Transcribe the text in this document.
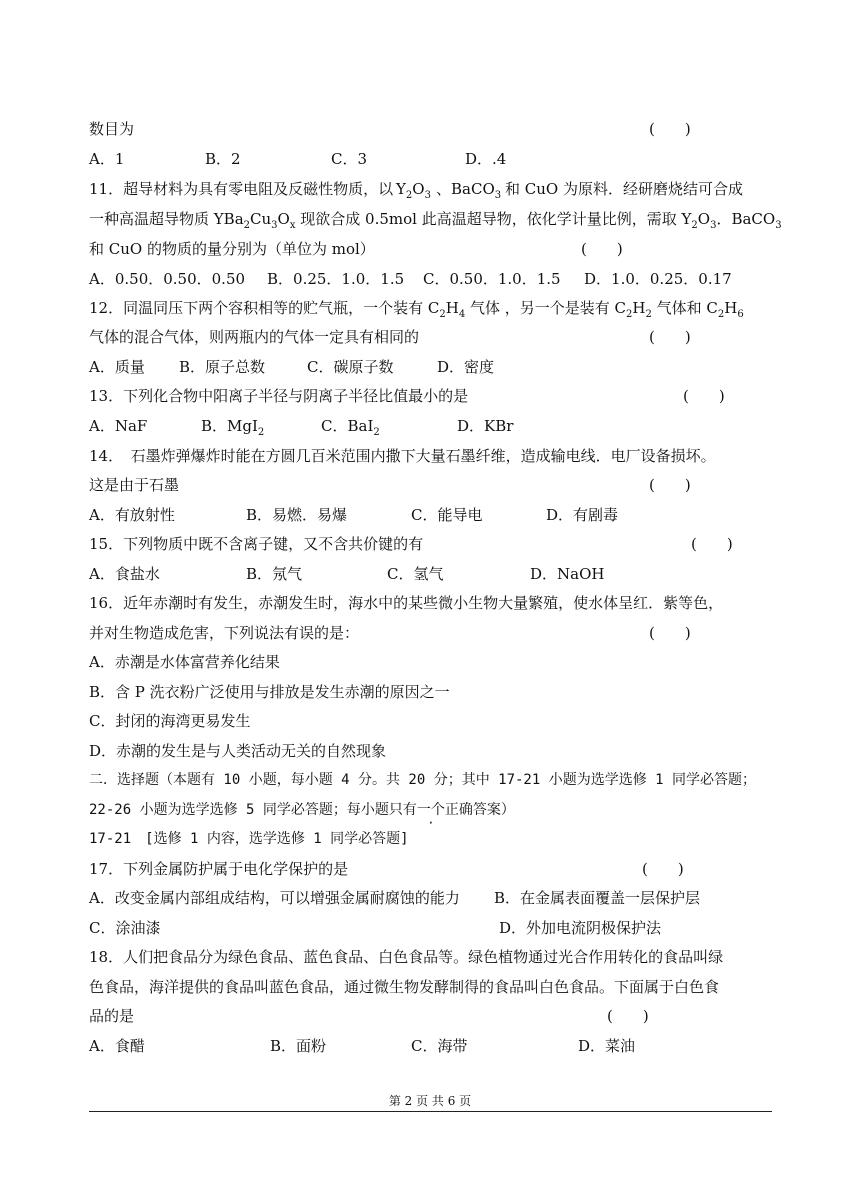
数目为	(　　)
A．1	B．2	C．3	D．.4
11．超导材料为具有零电阻及反磁性物质，以 $Y_2O_3$ 、 BaCO$_3$ 和 CuO 为原料．经研磨烧结可合成
一种高温超导物质 $YBa_2Cu_3O_x$ 现欲合成 0.5mol 此高温超导物，依化学计量比例，需取 $Y_2O_3$．BaCO$_3$
和 CuO 的物质的量分别为（单位为 mol）	(　　)
A．0.50．0.50．0.50 B．0.25．1.0．1.5 C．0.50．1.0．1.5 D．1.0．0.25．0.17
12．同温同压下两个容积相等的贮气瓶，一个装有 $C_2H_4$ 气体 ，另一个是装有 $C_2H_2$ 气体和 $C_2H_6$
气体的混合气体，则两瓶内的气体一定具有相同的	(　　)
A．质量 B．原子总数	C．碳原子数	D．密度
13．下列化合物中阳离子半径与阴离子半径比值最小的是	(　　)
A．NaF	B．MgI$_2$	C．BaI$_2$	D．KBr
14．　石墨炸弹爆炸时能在方圆几百米范围内撒下大量石墨纤维，造成输电线．电厂设备损坏。
这是由于石墨	(　　)
A．有放射性	B．易燃．易爆	C．能导电	D．有剧毒
15．下列物质中既不含离子键，又不含共价键的有	(　　)
A．食盐水	B．氖气	C．氢气	D．NaOH
16．近年赤潮时有发生，赤潮发生时，海水中的某些微小生物大量繁殖，使水体呈红．紫等色，
并对生物造成危害，下列说法有误的是：	(　　)
A．赤潮是水体富营养化结果
B．含 P 洗衣粉广泛使用与排放是发生赤潮的原因之一
C．封闭的海湾更易发生
D．赤潮的发生是与人类活动无关的自然现象
二．选择题（本题有 10 小题，每小题 4 分。共 20 分；其中 17-21 小题为选学选修 1 同学必答题；
22-26 小题为选学选修 5 同学必答题；每小题只有一个正确答案）
17-21　[选修 1 内容，选学选修 1 同学必答题]
17．下列金属防护属于电化学保护的是	(　　)
A．改变金属内部组成结构，可以增强金属耐腐蚀的能力 B．在金属表面覆盖一层保护层
C．涂油漆	D．外加电流阴极保护法
18．人们把食品分为绿色食品、蓝色食品、白色食品等。绿色植物通过光合作用转化的食品叫绿
色食品，海洋提供的食品叫蓝色食品，通过微生物发酵制得的食品叫白色食品。下面属于白色食
品的是	(　　)
A．食醋	B．面粉	C．海带	D．菜油
第 2 页 共 6 页
